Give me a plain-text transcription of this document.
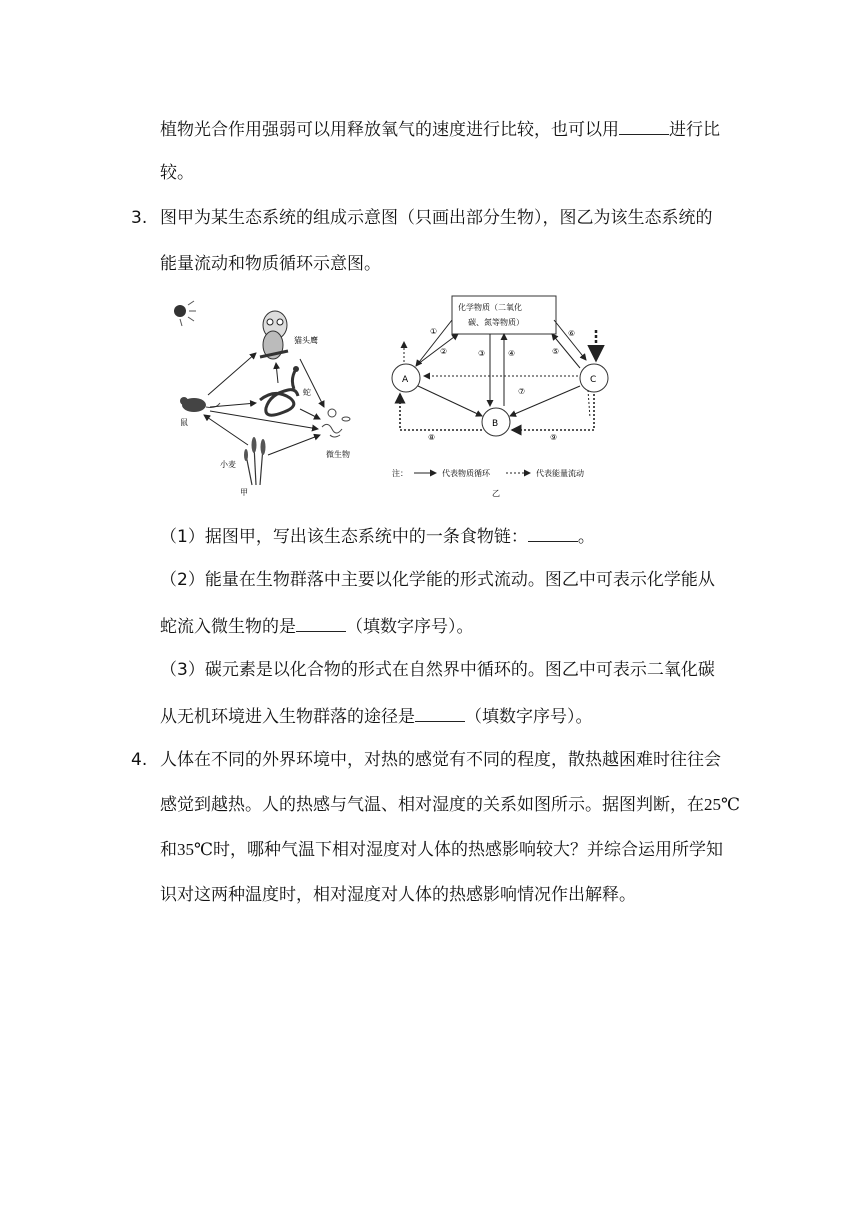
植物光合作用强弱可以用释放氧气的速度进行比较，也可以用	进行比
较。
3. 图甲为某生态系统的组成示意图（只画出部分生物），图乙为该生态系统的
能量流动和物质循环示意图。
猫头鹰
蛇
鼠
小麦
微生物
甲
化学物质（二氧化
碳、氮等物质）
A	C
B
①
②	③	④	⑤
⑥
⑦
⑧	⑨
注：	代表物质循环	代表能量流动
乙
（1）据图甲，写出该生态系统中的一条食物链：	。
（2）能量在生物群落中主要以化学能的形式流动。图乙中可表示化学能从
蛇流入微生物的是	（填数字序号）。
（3）碳元素是以化合物的形式在自然界中循环的。图乙中可表示二氧化碳
从无机环境进入生物群落的途径是	（填数字序号）。
4. 人体在不同的外界环境中，对热的感觉有不同的程度，散热越困难时往往会
感觉到越热。人的热感与气温、相对湿度的关系如图所示。据图判断，在25℃
和35℃时，哪种气温下相对湿度对人体的热感影响较大？并综合运用所学知
识对这两种温度时，相对湿度对人体的热感影响情况作出解释。
